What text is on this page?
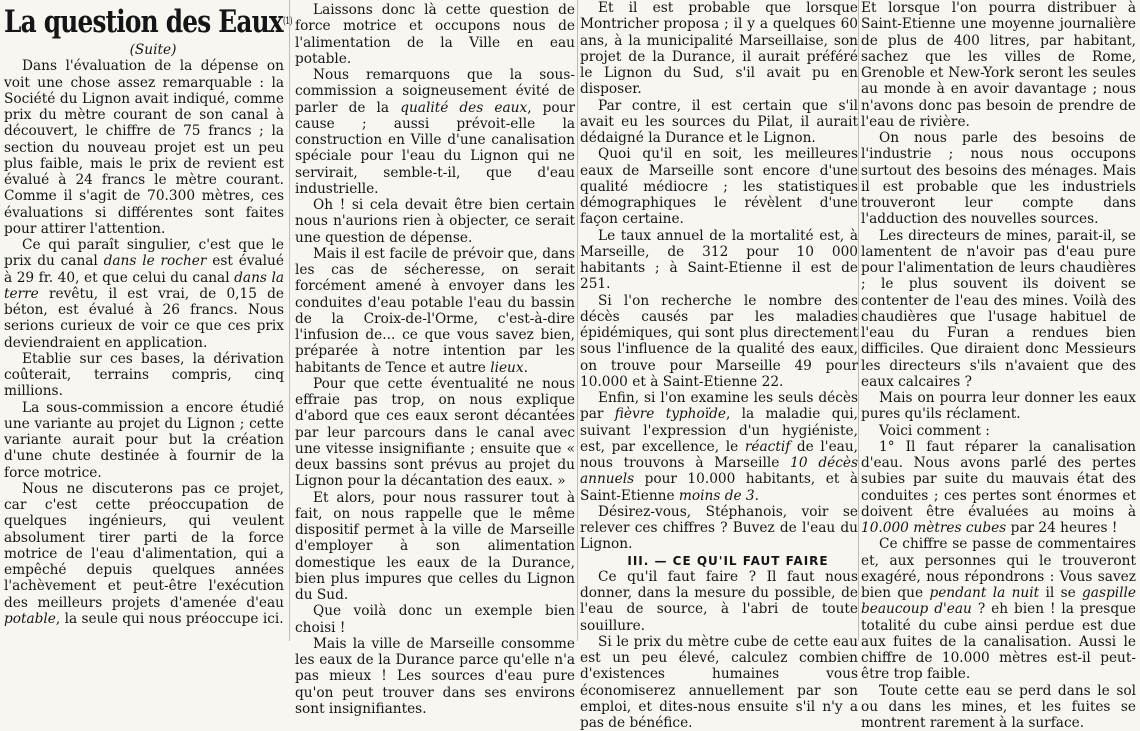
La question des Eaux$^{(1)}$

(Suite)

Dans l'évaluation de la dépense on voit une chose assez remarquable : la Société du Lignon avait indiqué, comme prix du mètre courant de son canal à découvert, le chiffre de 75 francs ; la section du nouveau projet est un peu plus faible, mais le prix de revient est évalué à 24 francs le mètre courant. Comme il s'agit de 70.300 mètres, ces évaluations si différentes sont faites pour attirer l'attention.

Ce qui paraît singulier, c'est que le prix du canal dans le rocher est évalué à 29 fr. 40, et que celui du canal dans la terre revêtu, il est vrai, de 0,15 de béton, est évalué à 26 francs. Nous serions curieux de voir ce que ces prix deviendraient en application.

Etablie sur ces bases, la dérivation coûterait, terrains compris, cinq millions.

La sous-commission a encore étudié une variante au projet du Lignon ; cette variante aurait pour but la création d'une chute destinée à fournir de la force motrice.

Nous ne discuterons pas ce projet, car c'est cette préoccupation de quelques ingénieurs, qui veulent absolument tirer parti de la force motrice de l'eau d'alimentation, qui a empêché depuis quelques années l'achèvement et peut-être l'exécution des meilleurs projets d'amenée d'eau potable, la seule qui nous préoccupe ici.

Laissons donc là cette question de force motrice et occupons nous de l'alimentation de la Ville en eau potable.

Nous remarquons que la sous-commission a soigneusement évité de parler de la qualité des eaux, pour cause ; aussi prévoit-elle la construction en Ville d'une canalisation spéciale pour l'eau du Lignon qui ne servirait, semble-t-il, que d'eau industrielle.

Oh ! si cela devait être bien certain nous n'aurions rien à objecter, ce serait une question de dépense.

Mais il est facile de prévoir que, dans les cas de sécheresse, on serait forcément amené à envoyer dans les conduites d'eau potable l'eau du bassin de la Croix-de-l'Orme, c'est-à-dire l'infusion de... ce que vous savez bien, préparée à notre intention par les habitants de Tence et autre lieux.

Pour que cette éventualité ne nous effraie pas trop, on nous explique d'abord que ces eaux seront décantées par leur parcours dans le canal avec une vitesse insignifiante ; ensuite que « deux bassins sont prévus au projet du Lignon pour la décantation des eaux. »

Et alors, pour nous rassurer tout à fait, on nous rappelle que le même dispositif permet à la ville de Marseille d'employer à son alimentation domestique les eaux de la Durance, bien plus impures que celles du Lignon du Sud.

Que voilà donc un exemple bien choisi !

Mais la ville de Marseille consomme les eaux de la Durance parce qu'elle n'a pas mieux ! Les sources d'eau pure qu'on peut trouver dans ses environs sont insignifiantes.

Et il est probable que lorsque Montricher proposa ; il y a quelques 60 ans, à la municipalité Marseillaise, son projet de la Durance, il aurait préféré le Lignon du Sud, s'il avait pu en disposer.

Par contre, il est certain que s'il avait eu les sources du Pilat, il aurait dédaigné la Durance et le Lignon.

Quoi qu'il en soit, les meilleures eaux de Marseille sont encore d'une qualité médiocre ; les statistiques démographiques le révèlent d'une façon certaine.

Le taux annuel de la mortalité est, à Marseille, de 312 pour 10 000 habitants ; à Saint-Etienne il est de 251.

Si l'on recherche le nombre des décès causés par les maladies épidémiques, qui sont plus directement sous l'influence de la qualité des eaux, on trouve pour Marseille 49 pour 10.000 et à Saint-Etienne 22.

Enfin, si l'on examine les seuls décès par fièvre typhoïde, la maladie qui, suivant l'expression d'un hygiéniste, est, par excellence, le réactif de l'eau, nous trouvons à Marseille 10 décès annuels pour 10.000 habitants, et à Saint-Etienne moins de 3.

Désirez-vous, Stéphanois, voir se relever ces chiffres ? Buvez de l'eau du Lignon.

III. — CE QU'IL FAUT FAIRE

Ce qu'il faut faire ? Il faut nous donner, dans la mesure du possible, de l'eau de source, à l'abri de toute souillure.

Si le prix du mètre cube de cette eau est un peu élevé, calculez combien d'existences humaines vous économiserez annuellement par son emploi, et dites-nous ensuite s'il n'y a pas de bénéfice.

Et lorsque l'on pourra distribuer à Saint-Etienne une moyenne journalière de plus de 400 litres, par habitant, sachez que les villes de Rome, Grenoble et New-York seront les seules au monde à en avoir davantage ; nous n'avons donc pas besoin de prendre de l'eau de rivière.

On nous parle des besoins de l'industrie ; nous nous occupons surtout des besoins des ménages. Mais il est probable que les industriels trouveront leur compte dans l'adduction des nouvelles sources.

Les directeurs de mines, parait-il, se lamentent de n'avoir pas d'eau pure pour l'alimentation de leurs chaudières ; le plus souvent ils doivent se contenter de l'eau des mines. Voilà des chaudières que l'usage habituel de l'eau du Furan a rendues bien difficiles. Que diraient donc Messieurs les directeurs s'ils n'avaient que des eaux calcaires ?

Mais on pourra leur donner les eaux pures qu'ils réclament.

Voici comment :

1° Il faut réparer la canalisation d'eau. Nous avons parlé des pertes subies par suite du mauvais état des conduites ; ces pertes sont énormes et doivent être évaluées au moins à 10.000 mètres cubes par 24 heures !

Ce chiffre se passe de commentaires et, aux personnes qui le trouveront exagéré, nous répondrons : Vous savez bien que pendant la nuit il se gaspille beaucoup d'eau ? eh bien ! la presque totalité du cube ainsi perdue est due aux fuites de la canalisation. Aussi le chiffre de 10.000 mètres est-il peut-être trop faible.

Toute cette eau se perd dans le sol ou dans les mines, et les fuites se montrent rarement à la surface.
